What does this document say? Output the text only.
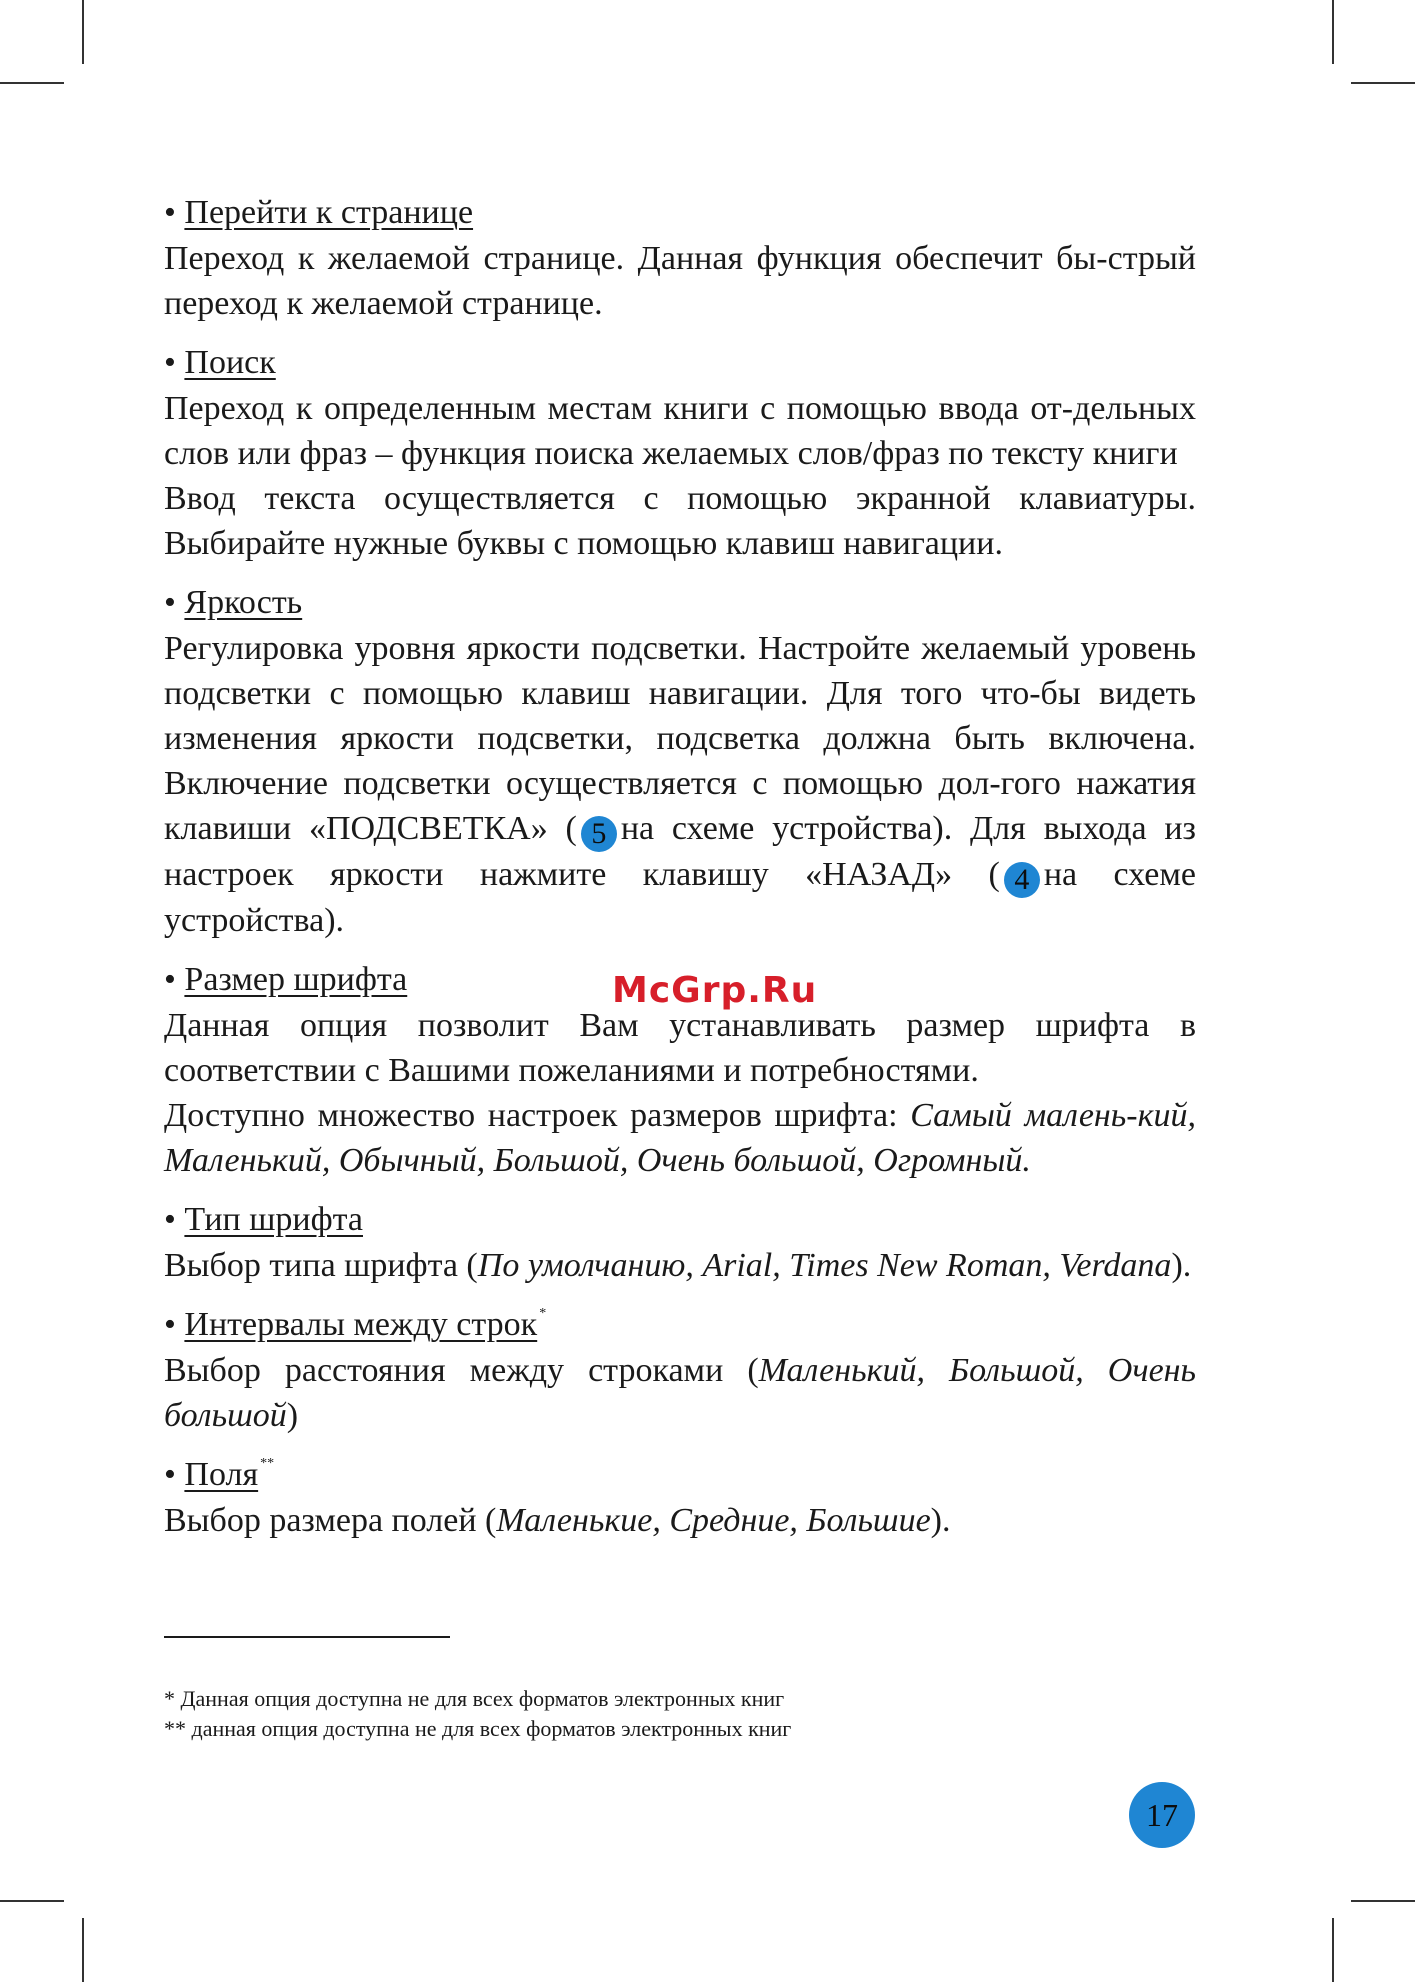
• Перейти к странице

Переход к желаемой странице. Данная функция обеспечит бы-стрый переход к желаемой странице.

• Поиск

Переход к определенным местам книги с помощью ввода от-дельных слов или фраз – функция поиска желаемых слов/фраз по тексту книги

Ввод текста осуществляется с помощью экранной клавиатуры. Выбирайте нужные буквы с помощью клавиш навигации.

• Яркость

Регулировка уровня яркости подсветки. Настройте желаемый уровень подсветки с помощью клавиш навигации. Для того что-бы видеть изменения яркости подсветки, подсветка должна быть включена. Включение подсветки осуществляется с помощью дол-гого нажатия клавиши «ПОДСВЕТКА» ( 5 на схеме устройства). Для выхода из настроек яркости нажмите клавишу «НАЗАД» ( 4 на схеме устройства).

• Размер шрифта

Данная опция позволит Вам устанавливать размер шрифта в соответствии с Вашими пожеланиями и потребностями.

Доступно множество настроек размеров шрифта: Самый малень-кий, Маленький, Обычный, Большой, Очень большой, Огромный.

• Тип шрифта

Выбор типа шрифта (По умолчанию, Arial, Times New Roman, Verdana).

• Интервалы между строк *

Выбор расстояния между строками (Маленький, Большой, Очень большой)

• Поля **

Выбор размера полей (Маленькие, Средние, Большие).

McGrp.Ru

* Данная опция доступна не для всех форматов электронных книг

** данная опция доступна не для всех форматов электронных книг

17
